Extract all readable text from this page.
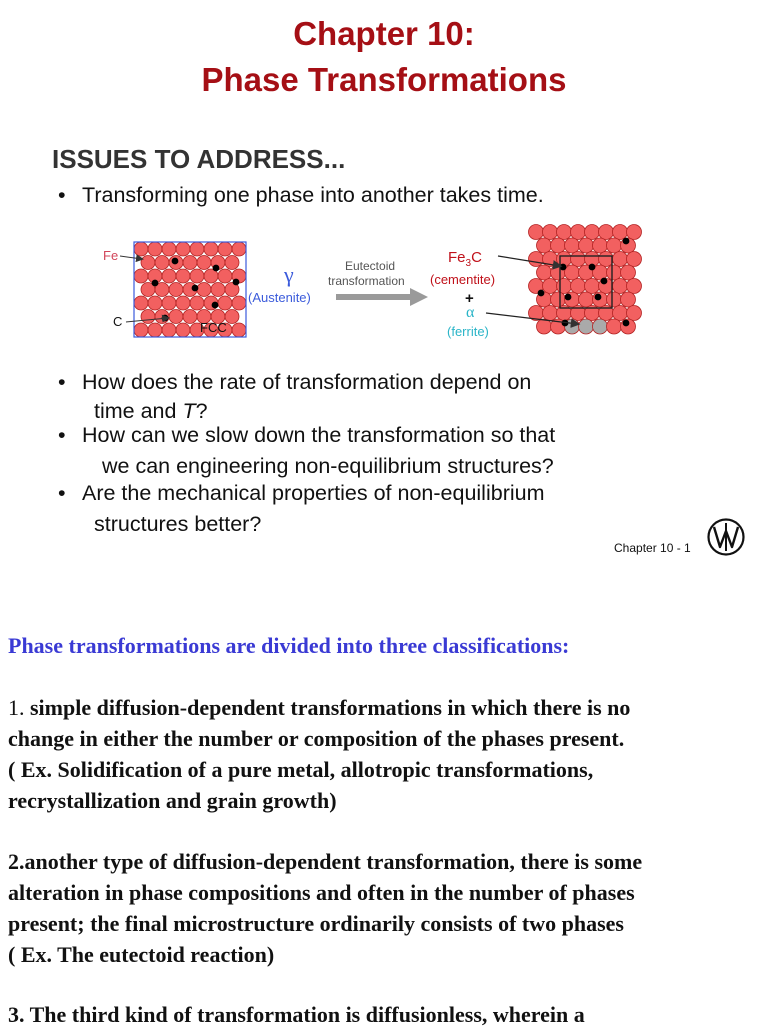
Chapter 10:
Phase Transformations
ISSUES TO ADDRESS...
• Transforming one phase into another takes time.
Fe
C	FCC
γ
(Austenite)
Eutectoid
transformation
$Fe_3C$
(cementite)
+
α
(ferrite)
• How does the rate of transformation depend on
time and T?
• How can we slow down the transformation so that
we can engineering non-equilibrium structures?
• Are the mechanical properties of non-equilibrium
structures better?
Chapter 10 - 1
Phase transformations are divided into three classifications:
1. simple diffusion-dependent transformations in which there is no
change in either the number or composition of the phases present.
( Ex. Solidification of a pure metal, allotropic transformations,
recrystallization and grain growth)
2.another type of diffusion-dependent transformation, there is some
alteration in phase compositions and often in the number of phases
present; the final microstructure ordinarily consists of two phases
( Ex. The eutectoid reaction)
3. The third kind of transformation is diffusionless, wherein a
